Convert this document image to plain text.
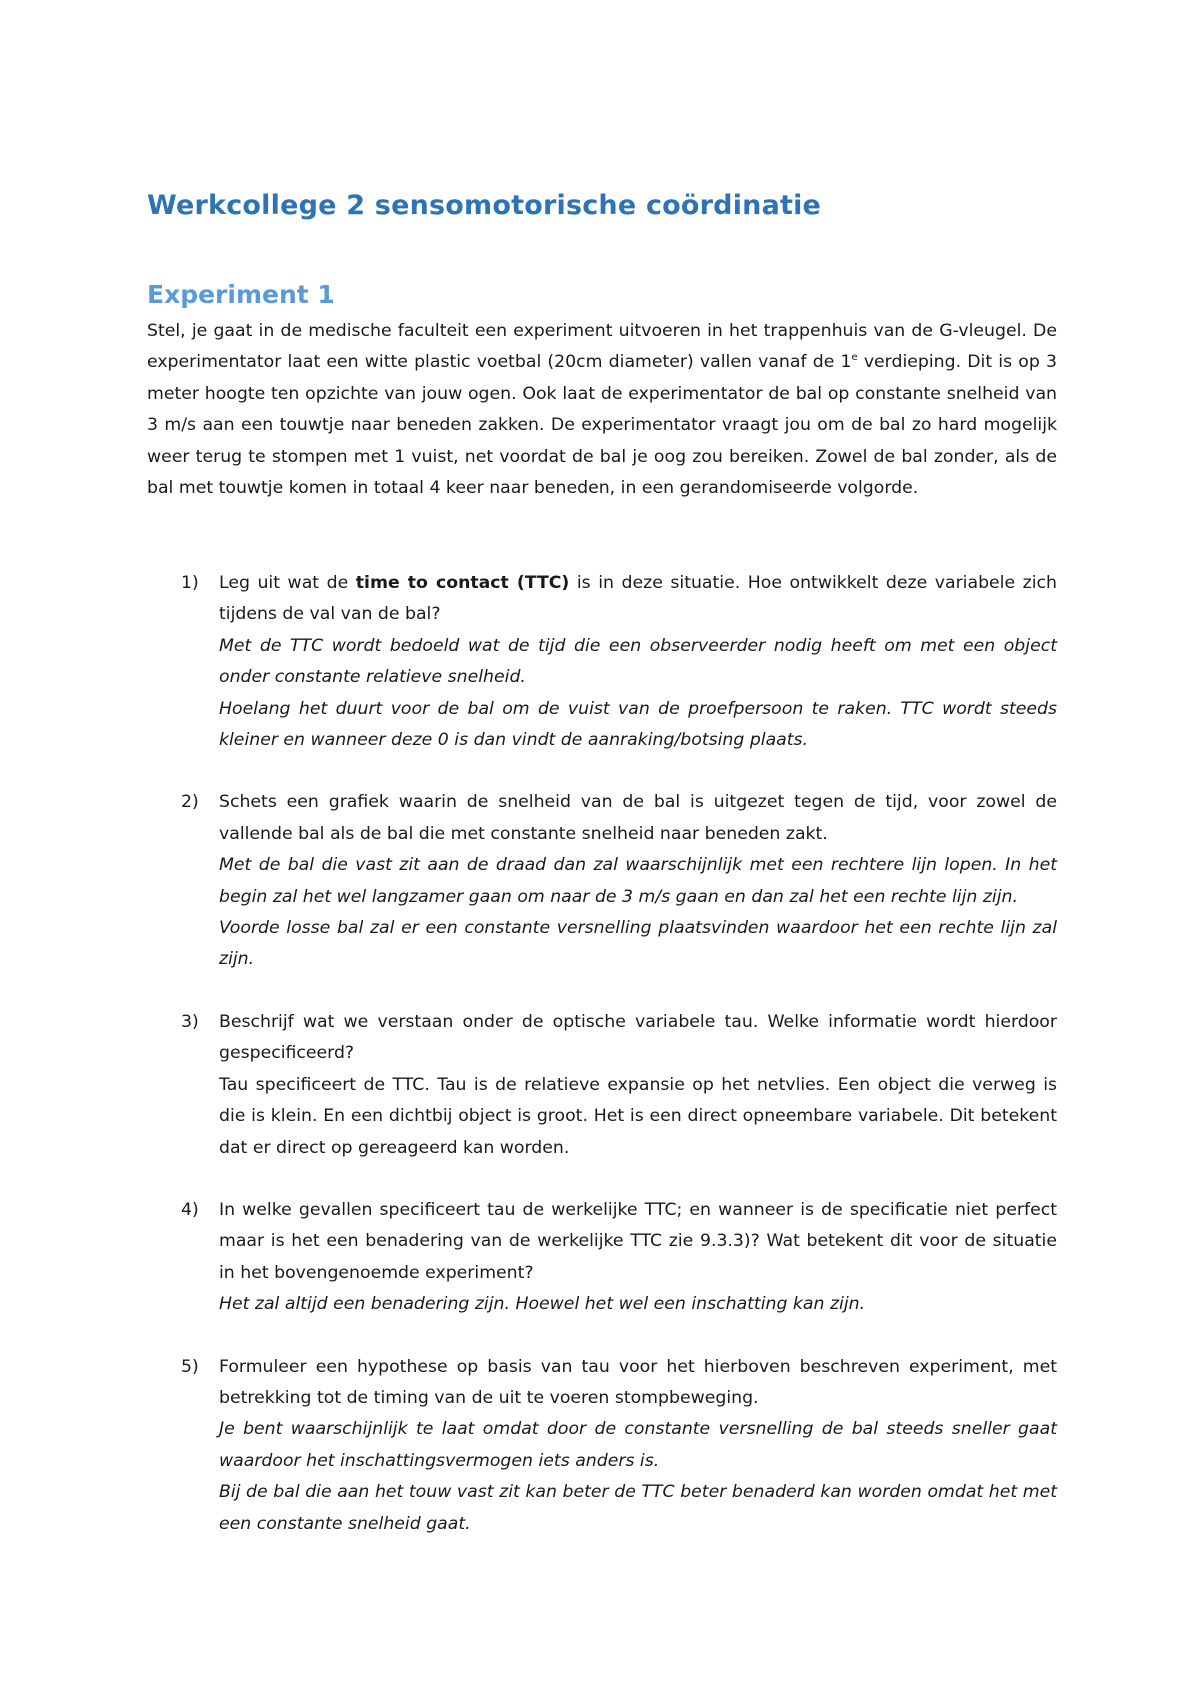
Werkcollege 2 sensomotorische coördinatie
Experiment 1

Stel, je gaat in de medische faculteit een experiment uitvoeren in het trappenhuis van de G-vleugel. De experimentator laat een witte plastic voetbal (20cm diameter) vallen vanaf de 1e verdieping. Dit is op 3 meter hoogte ten opzichte van jouw ogen. Ook laat de experimentator de bal op constante snelheid van 3 m/s aan een touwtje naar beneden zakken. De experimentator vraagt jou om de bal zo hard mogelijk weer terug te stompen met 1 vuist, net voordat de bal je oog zou bereiken. Zowel de bal zonder, als de bal met touwtje komen in totaal 4 keer naar beneden, in een gerandomiseerde volgorde.

1) Leg uit wat de time to contact (TTC) is in deze situatie. Hoe ontwikkelt deze variabele zich tijdens de val van de bal?
Met de TTC wordt bedoeld wat de tijd die een observeerder nodig heeft om met een object onder constante relatieve snelheid.
Hoelang het duurt voor de bal om de vuist van de proefpersoon te raken. TTC wordt steeds kleiner en wanneer deze 0 is dan vindt de aanraking/botsing plaats.
2) Schets een grafiek waarin de snelheid van de bal is uitgezet tegen de tijd, voor zowel de vallende bal als de bal die met constante snelheid naar beneden zakt.
Met de bal die vast zit aan de draad dan zal waarschijnlijk met een rechtere lijn lopen. In het begin zal het wel langzamer gaan om naar de 3 m/s gaan en dan zal het een rechte lijn zijn.
Voorde losse bal zal er een constante versnelling plaatsvinden waardoor het een rechte lijn zal zijn.
3) Beschrijf wat we verstaan onder de optische variabele tau. Welke informatie wordt hierdoor gespecificeerd?
Tau specificeert de TTC. Tau is de relatieve expansie op het netvlies. Een object die verweg is die is klein. En een dichtbij object is groot. Het is een direct opneembare variabele. Dit betekent dat er direct op gereageerd kan worden.
4) In welke gevallen specificeert tau de werkelijke TTC; en wanneer is de specificatie niet perfect maar is het een benadering van de werkelijke TTC zie 9.3.3)? Wat betekent dit voor de situatie in het bovengenoemde experiment?
Het zal altijd een benadering zijn. Hoewel het wel een inschatting kan zijn.
5) Formuleer een hypothese op basis van tau voor het hierboven beschreven experiment, met betrekking tot de timing van de uit te voeren stompbeweging.
Je bent waarschijnlijk te laat omdat door de constante versnelling de bal steeds sneller gaat waardoor het inschattingsvermogen iets anders is.
Bij de bal die aan het touw vast zit kan beter de TTC beter benaderd kan worden omdat het met een constante snelheid gaat.
